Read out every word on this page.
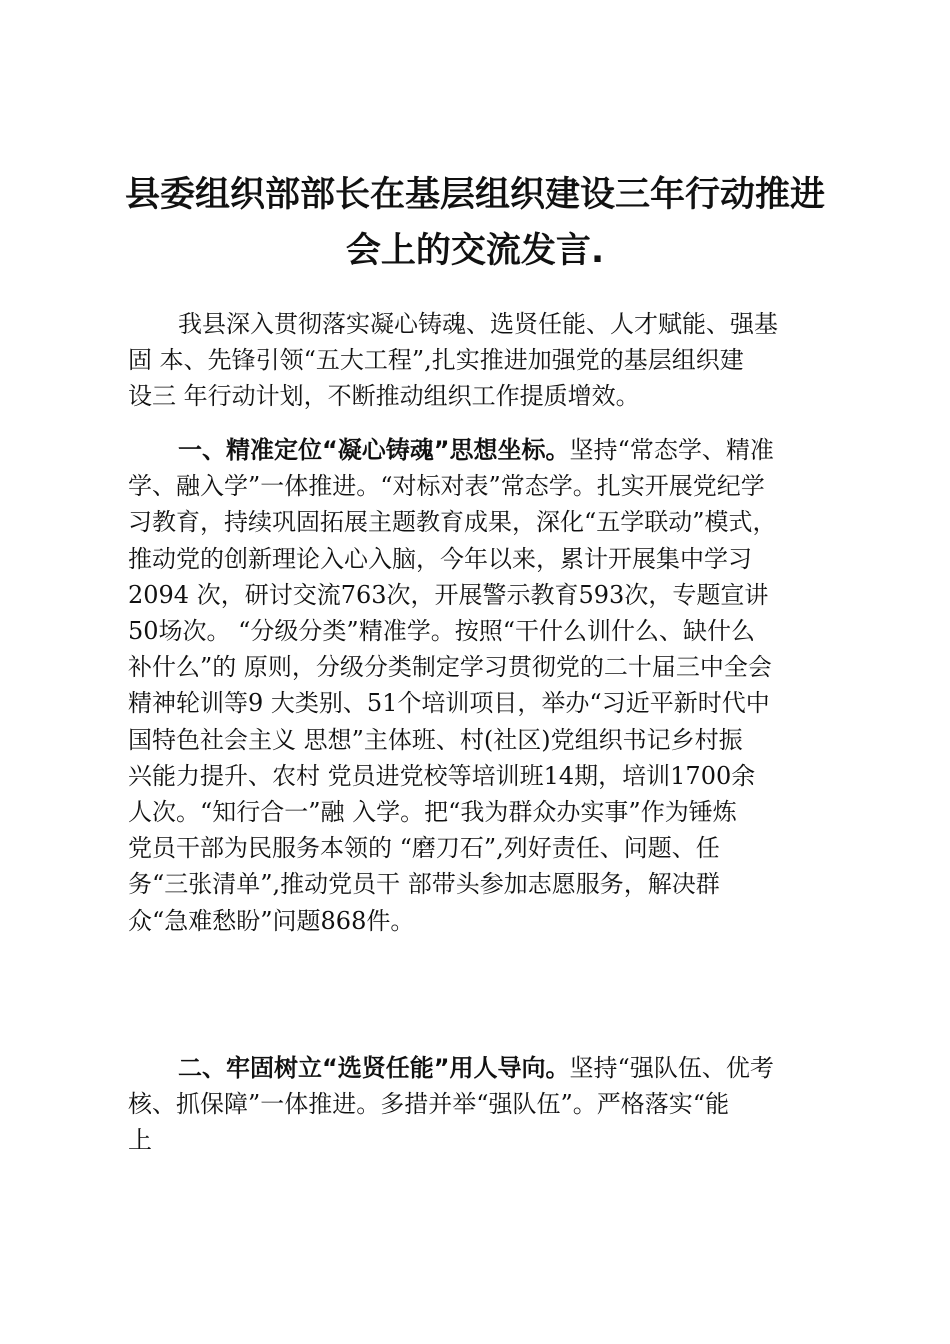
县委组织部部长在基层组织建设三年行动推进
会上的交流发言.
我县深入贯彻落实凝心铸魂、选贤任能、人才赋能、强基
固 本、先锋引领“五大工程”,扎实推进加强党的基层组织建
设三 年行动计划，不断推动组织工作提质增效。
一、精准定位“凝心铸魂”思想坐标。坚持“常态学、精准
学、融入学”一体推进。“对标对表”常态学。扎实开展党纪学
习教育，持续巩固拓展主题教育成果，深化“五学联动”模式，
推动党的创新理论入心入脑，今年以来，累计开展集中学习
2094 次，研讨交流763次，开展警示教育593次，专题宣讲
50场次。 “分级分类”精准学。按照“干什么训什么、缺什么
补什么”的 原则，分级分类制定学习贯彻党的二十届三中全会
精神轮训等9 大类别、51个培训项目，举办“习近平新时代中
国特色社会主义 思想”主体班、村(社区)党组织书记乡村振
兴能力提升、农村 党员进党校等培训班14期，培训1700余
人次。“知行合一”融 入学。把“我为群众办实事”作为锤炼
党员干部为民服务本领的 “磨刀石”,列好责任、问题、任
务“三张清单”,推动党员干 部带头参加志愿服务，解决群
众“急难愁盼”问题868件。
二、牢固树立“选贤任能”用人导向。坚持“强队伍、优考
核、抓保障”一体推进。多措并举“强队伍”。严格落实“能
上
